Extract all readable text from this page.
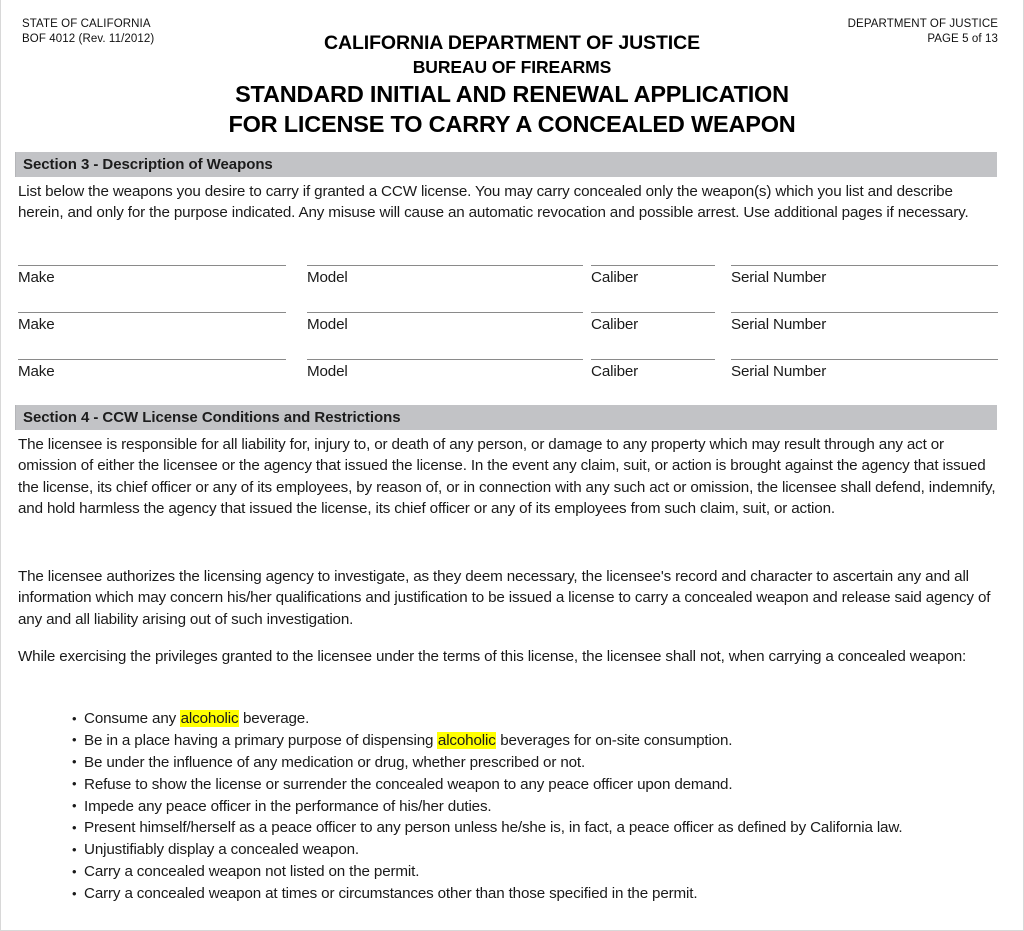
STATE OF CALIFORNIA
BOF 4012 (Rev. 11/2012)
DEPARTMENT OF JUSTICE
PAGE 5 of 13
CALIFORNIA DEPARTMENT OF JUSTICE
BUREAU OF FIREARMS
STANDARD INITIAL AND RENEWAL APPLICATION
FOR LICENSE TO CARRY A CONCEALED WEAPON
Section 3 - Description of Weapons
List below the weapons you desire to carry if granted a CCW license. You may carry concealed only the weapon(s) which you list and describe herein, and only for the purpose indicated. Any misuse will cause an automatic revocation and possible arrest. Use additional pages if necessary.
Make	Model	Caliber	Serial Number
Make	Model	Caliber	Serial Number
Make	Model	Caliber	Serial Number
Section 4 - CCW License Conditions and Restrictions
The licensee is responsible for all liability for, injury to, or death of any person, or damage to any property which may result through any act or omission of either the licensee or the agency that issued the license. In the event any claim, suit, or action is brought against the agency that issued the license, its chief officer or any of its employees, by reason of, or in connection with any such act or omission, the licensee shall defend, indemnify, and hold harmless the agency that issued the license, its chief officer or any of its employees from such claim, suit, or action.
The licensee authorizes the licensing agency to investigate, as they deem necessary, the licensee's record and character to ascertain any and all information which may concern his/her qualifications and justification to be issued a license to carry a concealed weapon and release said agency of any and all liability arising out of such investigation.
While exercising the privileges granted to the licensee under the terms of this license, the licensee shall not, when carrying a concealed weapon:
• Consume any alcoholic beverage.
• Be in a place having a primary purpose of dispensing alcoholic beverages for on-site consumption.
• Be under the influence of any medication or drug, whether prescribed or not.
• Refuse to show the license or surrender the concealed weapon to any peace officer upon demand.
• Impede any peace officer in the performance of his/her duties.
• Present himself/herself as a peace officer to any person unless he/she is, in fact, a peace officer as defined by California law.
• Unjustifiably display a concealed weapon.
• Carry a concealed weapon not listed on the permit.
• Carry a concealed weapon at times or circumstances other than those specified in the permit.
